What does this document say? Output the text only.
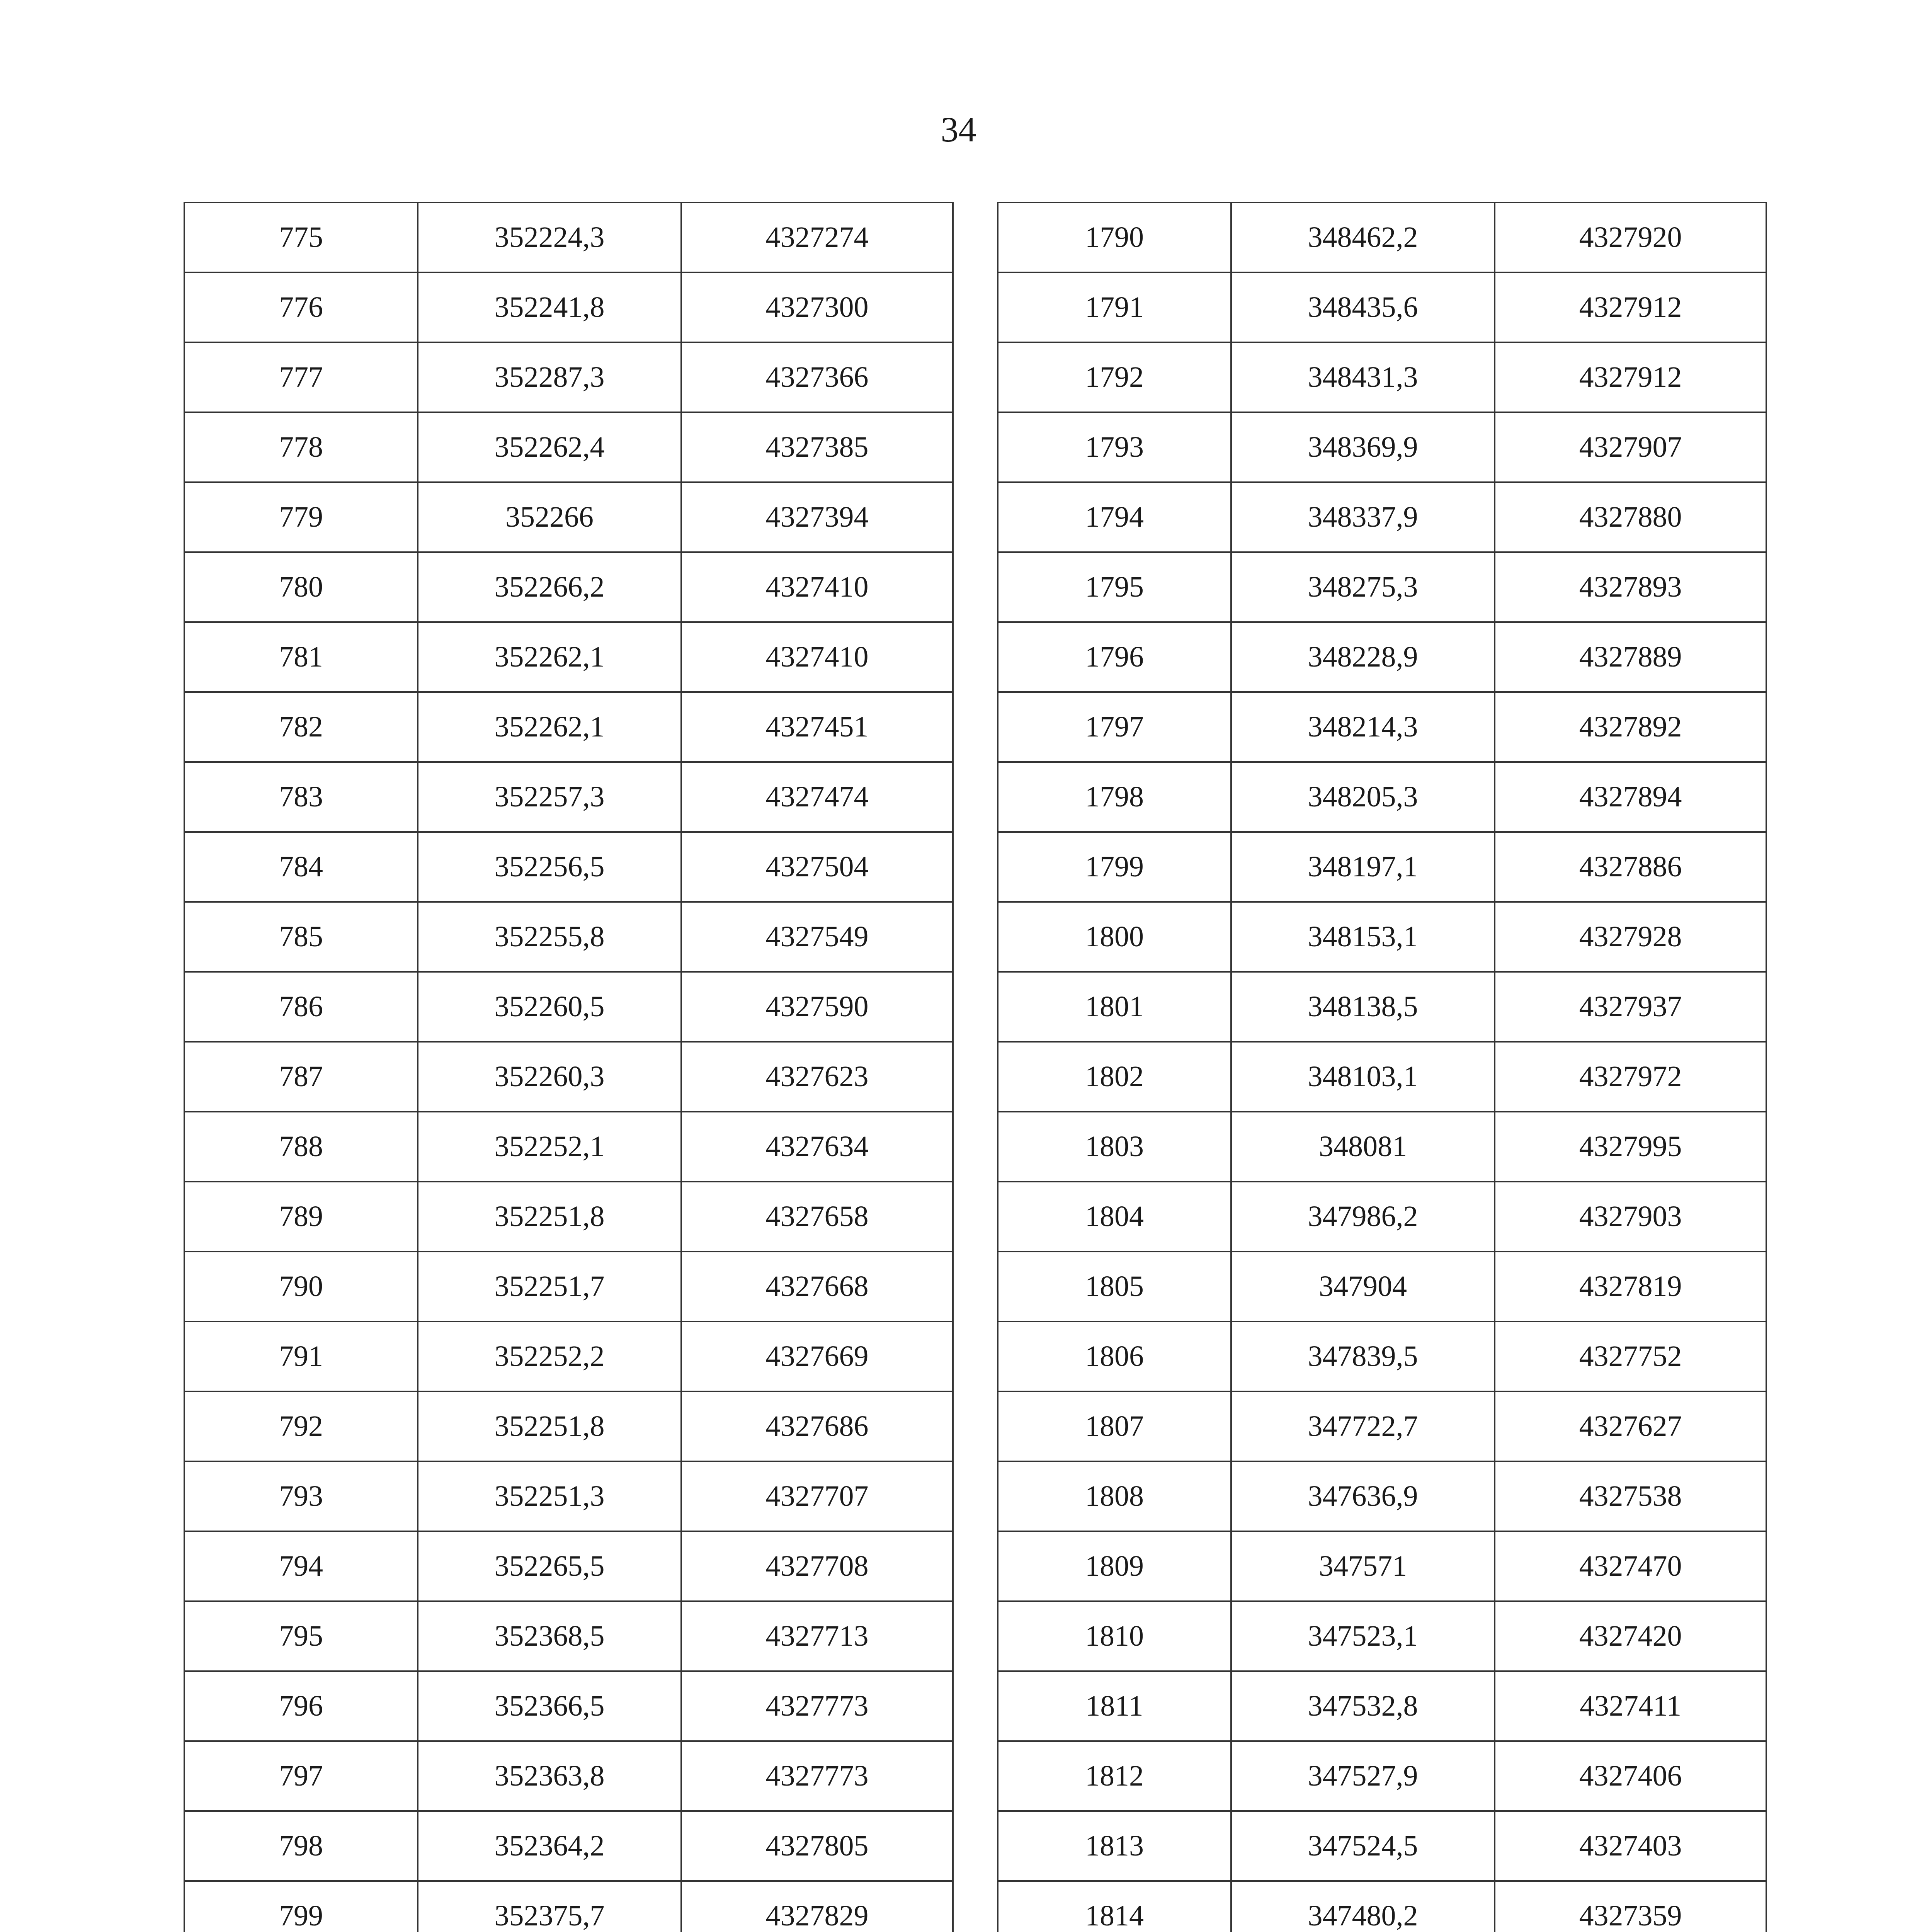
34
775	352224,3	4327274
776	352241,8	4327300
777	352287,3	4327366
778	352262,4	4327385
779	352266	4327394
780	352266,2	4327410
781	352262,1	4327410
782	352262,1	4327451
783	352257,3	4327474
784	352256,5	4327504
785	352255,8	4327549
786	352260,5	4327590
787	352260,3	4327623
788	352252,1	4327634
789	352251,8	4327658
790	352251,7	4327668
791	352252,2	4327669
792	352251,8	4327686
793	352251,3	4327707
794	352265,5	4327708
795	352368,5	4327713
796	352366,5	4327773
797	352363,8	4327773
798	352364,2	4327805
799	352375,7	4327829

1790	348462,2	4327920
1791	348435,6	4327912
1792	348431,3	4327912
1793	348369,9	4327907
1794	348337,9	4327880
1795	348275,3	4327893
1796	348228,9	4327889
1797	348214,3	4327892
1798	348205,3	4327894
1799	348197,1	4327886
1800	348153,1	4327928
1801	348138,5	4327937
1802	348103,1	4327972
1803	348081	4327995
1804	347986,2	4327903
1805	347904	4327819
1806	347839,5	4327752
1807	347722,7	4327627
1808	347636,9	4327538
1809	347571	4327470
1810	347523,1	4327420
1811	347532,8	4327411
1812	347527,9	4327406
1813	347524,5	4327403
1814	347480,2	4327359
